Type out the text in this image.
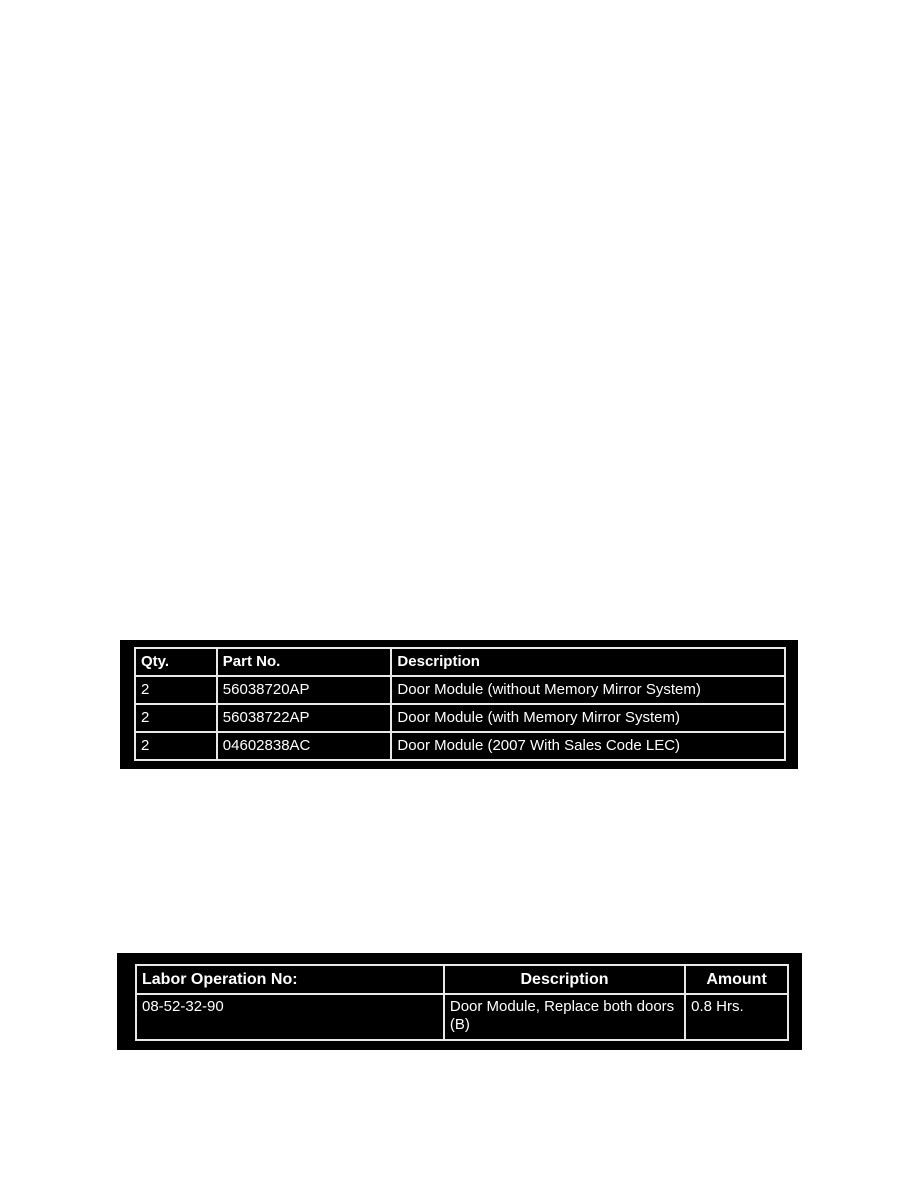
Qty.	Part No.	Description
2	56038720AP	Door Module (without Memory Mirror System)
2	56038722AP	Door Module (with Memory Mirror System)
2	04602838AC	Door Module (2007 With Sales Code LEC)
Labor Operation No:	Description	Amount
08-52-32-90	Door Module, Replace both doors (B)	0.8 Hrs.
